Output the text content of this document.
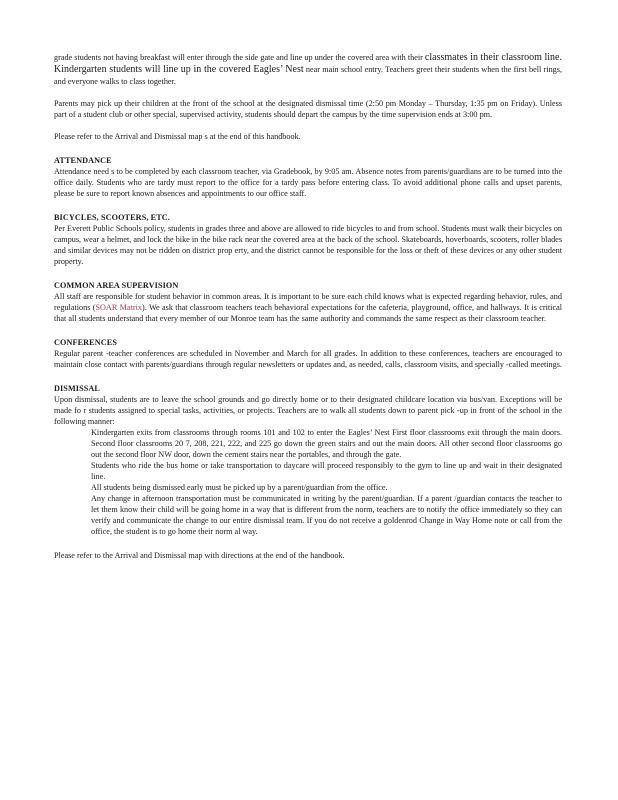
grade students not having breakfast will enter through the side gate and line up under the covered area with their classmates in their classroom line. Kindergarten students will line up in the covered Eagles’ Nest near main school entry. Teachers greet their students when the first bell rings, and everyone walks to class together.

Parents may pick up their children at the front of the school at the designated dismissal time (2:50 pm Monday – Thursday, 1:35 pm on Friday). Unless part of a student club or other special, supervised activity, students should depart the campus by the time supervision ends at 3:00 pm.

Please refer to the Arrival and Dismissal map s at the end of this handbook.

ATTENDANCE

Attendance need s to be completed by each classroom teacher, via Gradebook, by 9:05 am. Absence notes from parents/guardians are to be turned into the office daily. Students who are tardy must report to the office for a tardy pass before entering class. To avoid additional phone calls and upset parents, please be sure to report known absences and appointments to our office staff.

BICYCLES, SCOOTERS, ETC.

Per Everett Public Schools policy, students in grades three and above are allowed to ride bicycles to and from school. Students must walk their bicycles on campus, wear a helmet, and lock the bike in the bike rack near the covered area at the back of the school. Skateboards, hoverboards, scooters, roller blades and similar devices may not be ridden on district prop erty, and the district cannot be responsible for the loss or theft of these devices or any other student property.

COMMON AREA SUPERVISION

All staff are responsible for student behavior in common areas. It is important to be sure each child knows what is expected regarding behavior, rules, and regulations (SOAR Matrix). We ask that classroom teachers teach behavioral expectations for the cafeteria, playground, office, and hallways. It is critical that all students understand that every member of our Monroe team has the same authority and commands the same respect as their classroom teacher.

CONFERENCES

Regular parent -teacher conferences are scheduled in November and March for all grades. In addition to these conferences, teachers are encouraged to maintain close contact with parents/guardians through regular newsletters or updates and, as needed, calls, classroom visits, and specially -called meetings.

DISMISSAL

Upon dismissal, students are to leave the school grounds and go directly home or to their designated childcare location via bus/van. Exceptions will be made fo r students assigned to special tasks, activities, or projects. Teachers are to walk all students down to parent pick -up in front of the school in the following manner:

Kindergarten exits from classrooms through rooms 101 and 102 to enter the Eagles’ Nest First floor classrooms exit through the main doors. Second floor classrooms 20 7, 208, 221, 222, and 225 go down the green stairs and out the main doors. All other second floor classrooms go out the second floor NW door, down the cement stairs near the portables, and through the gate.
Students who ride the bus home or take transportation to daycare will proceed responsibly to the gym to line up and wait in their designated line.
All students being dismissed early must be picked up by a parent/guardian from the office.
Any change in afternoon transportation must be communicated in writing by the parent/guardian. If a parent /guardian contacts the teacher to let them know their child will be going home in a way that is different from the norm, teachers are to notify the office immediately so they can verify and communicate the change to our entire dismissal team. If you do not receive a goldenrod Change in Way Home note or call from the office, the student is to go home their norm al way.

Please refer to the Arrival and Dismissal map with directions at the end of the handbook.
